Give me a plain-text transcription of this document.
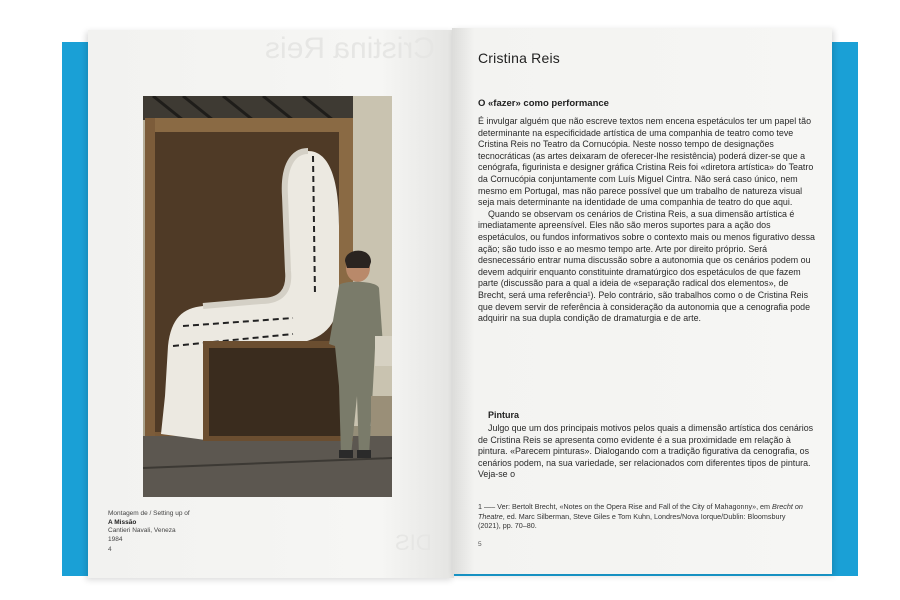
Cristina Reis
DIS
Montagem de / Setting up of
A Missão
Cantieri Navali, Veneza
1984
4
Cristina Reis
O «fazer» como performance

É invulgar alguém que não escreve textos nem encena espetáculos ter um papel tão determinante na especificidade artística de uma companhia de teatro como teve Cristina Reis no Teatro da Cornucópia. Neste nosso tempo de designações tecnocráticas (as artes deixaram de oferecer-lhe resistência) poderá dizer-se que a cenógrafa, figurinista e designer gráfica Cristina Reis foi «diretora artística» do Teatro da Cornucópia conjuntamente com Luís Miguel Cintra. Não será caso único, nem mesmo em Portugal, mas não parece possível que um trabalho de natureza visual seja mais determinante na identidade de uma companhia de teatro do que aqui.

Quando se observam os cenários de Cristina Reis, a sua dimensão artística é imediatamente apreensível. Eles não são meros suportes para a ação dos espetáculos, ou fundos informativos sobre o contexto mais ou menos figurativo dessa ação; são tudo isso e ao mesmo tempo arte. Arte por direito próprio. Será desnecessário entrar numa discussão sobre a autonomia que os cenários podem ou devem adquirir enquanto constituinte dramatúrgico dos espetáculos de que fazem parte (discussão para a qual a ideia de «separação radical dos elementos», de Brecht, será uma referência¹). Pelo contrário, são trabalhos como o de Cristina Reis que devem servir de referência à consideração da autonomia que a cenografia pode adquirir na sua dupla condição de dramaturgia e de arte.

Pintura

Julgo que um dos principais motivos pelos quais a dimensão artística dos cenários de Cristina Reis se apresenta como evidente é a sua proximidade em relação à pintura. «Parecem pinturas». Dialogando com a tradição figurativa da cenografia, os cenários podem, na sua variedade, ser relacionados com diferentes tipos de pintura. Veja-se o

1 —– Ver: Bertolt Brecht, «Notes on the Opera Rise and Fall of the City of Mahagonny», em Brecht on Theatre, ed. Marc Silberman, Steve Giles e Tom Kuhn, Londres/Nova Iorque/Dublin: Bloomsbury (2021), pp. 70–80.
5
